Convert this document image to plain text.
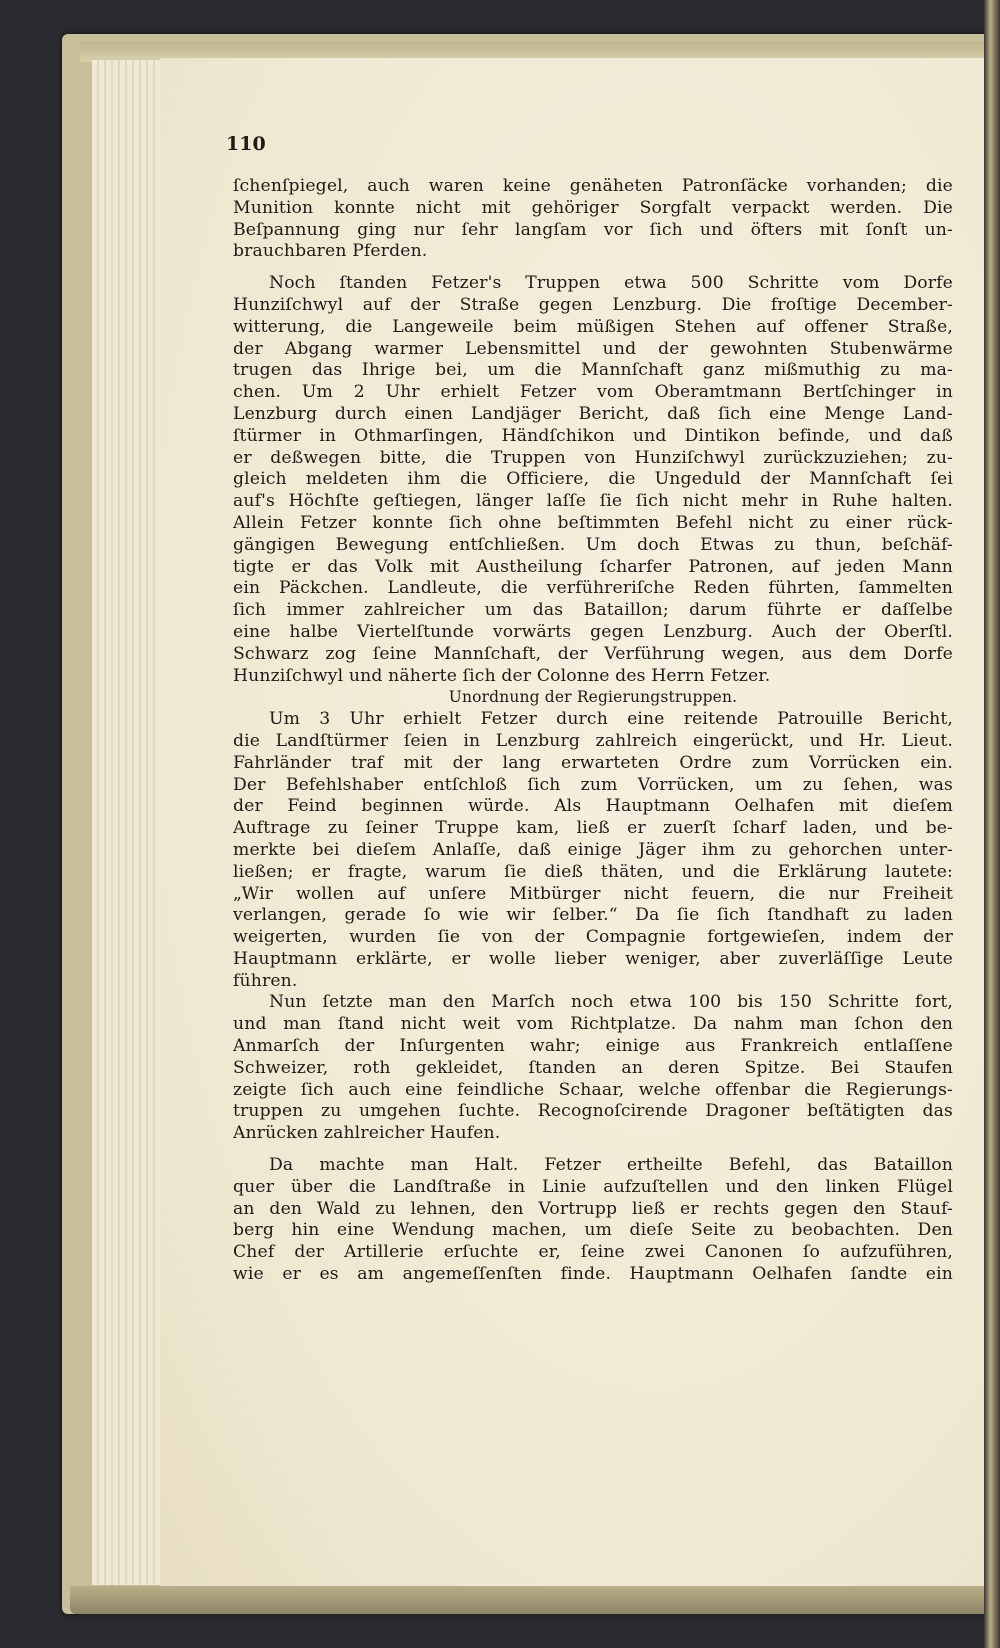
110
ſchenſpiegel, auch waren keine genäheten Patronſäcke vorhanden; die
Munition konnte nicht mit gehöriger Sorgfalt verpackt werden. Die
Beſpannung ging nur ſehr langſam vor ſich und öfters mit ſonſt un-
brauchbaren Pferden.
Noch ſtanden Fetzer's Truppen etwa 500 Schritte vom Dorfe
Hunziſchwyl auf der Straße gegen Lenzburg. Die froſtige December-
witterung, die Langeweile beim müßigen Stehen auf offener Straße,
der Abgang warmer Lebensmittel und der gewohnten Stubenwärme
trugen das Ihrige bei, um die Mannſchaft ganz mißmuthig zu ma-
chen. Um 2 Uhr erhielt Fetzer vom Oberamtmann Bertſchinger in
Lenzburg durch einen Landjäger Bericht, daß ſich eine Menge Land-
ſtürmer in Othmarſingen, Händſchikon und Dintikon befinde, und daß
er deßwegen bitte, die Truppen von Hunziſchwyl zurückzuziehen; zu-
gleich meldeten ihm die Officiere, die Ungeduld der Mannſchaft ſei
auf's Höchſte geſtiegen, länger laſſe ſie ſich nicht mehr in Ruhe halten.
Allein Fetzer konnte ſich ohne beſtimmten Befehl nicht zu einer rück-
gängigen Bewegung entſchließen. Um doch Etwas zu thun, beſchäf-
tigte er das Volk mit Austheilung ſcharfer Patronen, auf jeden Mann
ein Päckchen. Landleute, die verführeriſche Reden führten, ſammelten
ſich immer zahlreicher um das Bataillon; darum führte er daſſelbe
eine halbe Viertelſtunde vorwärts gegen Lenzburg. Auch der Oberſtl.
Schwarz zog ſeine Mannſchaft, der Verführung wegen, aus dem Dorfe
Hunziſchwyl und näherte ſich der Colonne des Herrn Fetzer.
Unordnung der Regierungstruppen.
Um 3 Uhr erhielt Fetzer durch eine reitende Patrouille Bericht,
die Landſtürmer ſeien in Lenzburg zahlreich eingerückt, und Hr. Lieut.
Fahrländer traf mit der lang erwarteten Ordre zum Vorrücken ein.
Der Befehlshaber entſchloß ſich zum Vorrücken, um zu ſehen, was
der Feind beginnen würde. Als Hauptmann Oelhafen mit dieſem
Auftrage zu ſeiner Truppe kam, ließ er zuerſt ſcharf laden, und be-
merkte bei dieſem Anlaſſe, daß einige Jäger ihm zu gehorchen unter-
ließen; er fragte, warum ſie dieß thäten, und die Erklärung lautete:
„Wir wollen auf unſere Mitbürger nicht feuern, die nur Freiheit
verlangen, gerade ſo wie wir ſelber.“ Da ſie ſich ſtandhaft zu laden
weigerten, wurden ſie von der Compagnie fortgewieſen, indem der
Hauptmann erklärte, er wolle lieber weniger, aber zuverläſſige Leute
führen.
Nun ſetzte man den Marſch noch etwa 100 bis 150 Schritte fort,
und man ſtand nicht weit vom Richtplatze. Da nahm man ſchon den
Anmarſch der Inſurgenten wahr; einige aus Frankreich entlaſſene
Schweizer, roth gekleidet, ſtanden an deren Spitze. Bei Staufen
zeigte ſich auch eine feindliche Schaar, welche offenbar die Regierungs-
truppen zu umgehen ſuchte. Recognoſcirende Dragoner beſtätigten das
Anrücken zahlreicher Haufen.
Da machte man Halt. Fetzer ertheilte Befehl, das Bataillon
quer über die Landſtraße in Linie aufzuſtellen und den linken Flügel
an den Wald zu lehnen, den Vortrupp ließ er rechts gegen den Stauf-
berg hin eine Wendung machen, um dieſe Seite zu beobachten. Den
Chef der Artillerie erſuchte er, ſeine zwei Canonen ſo aufzuführen,
wie er es am angemeſſenſten finde. Hauptmann Oelhafen ſandte ein
